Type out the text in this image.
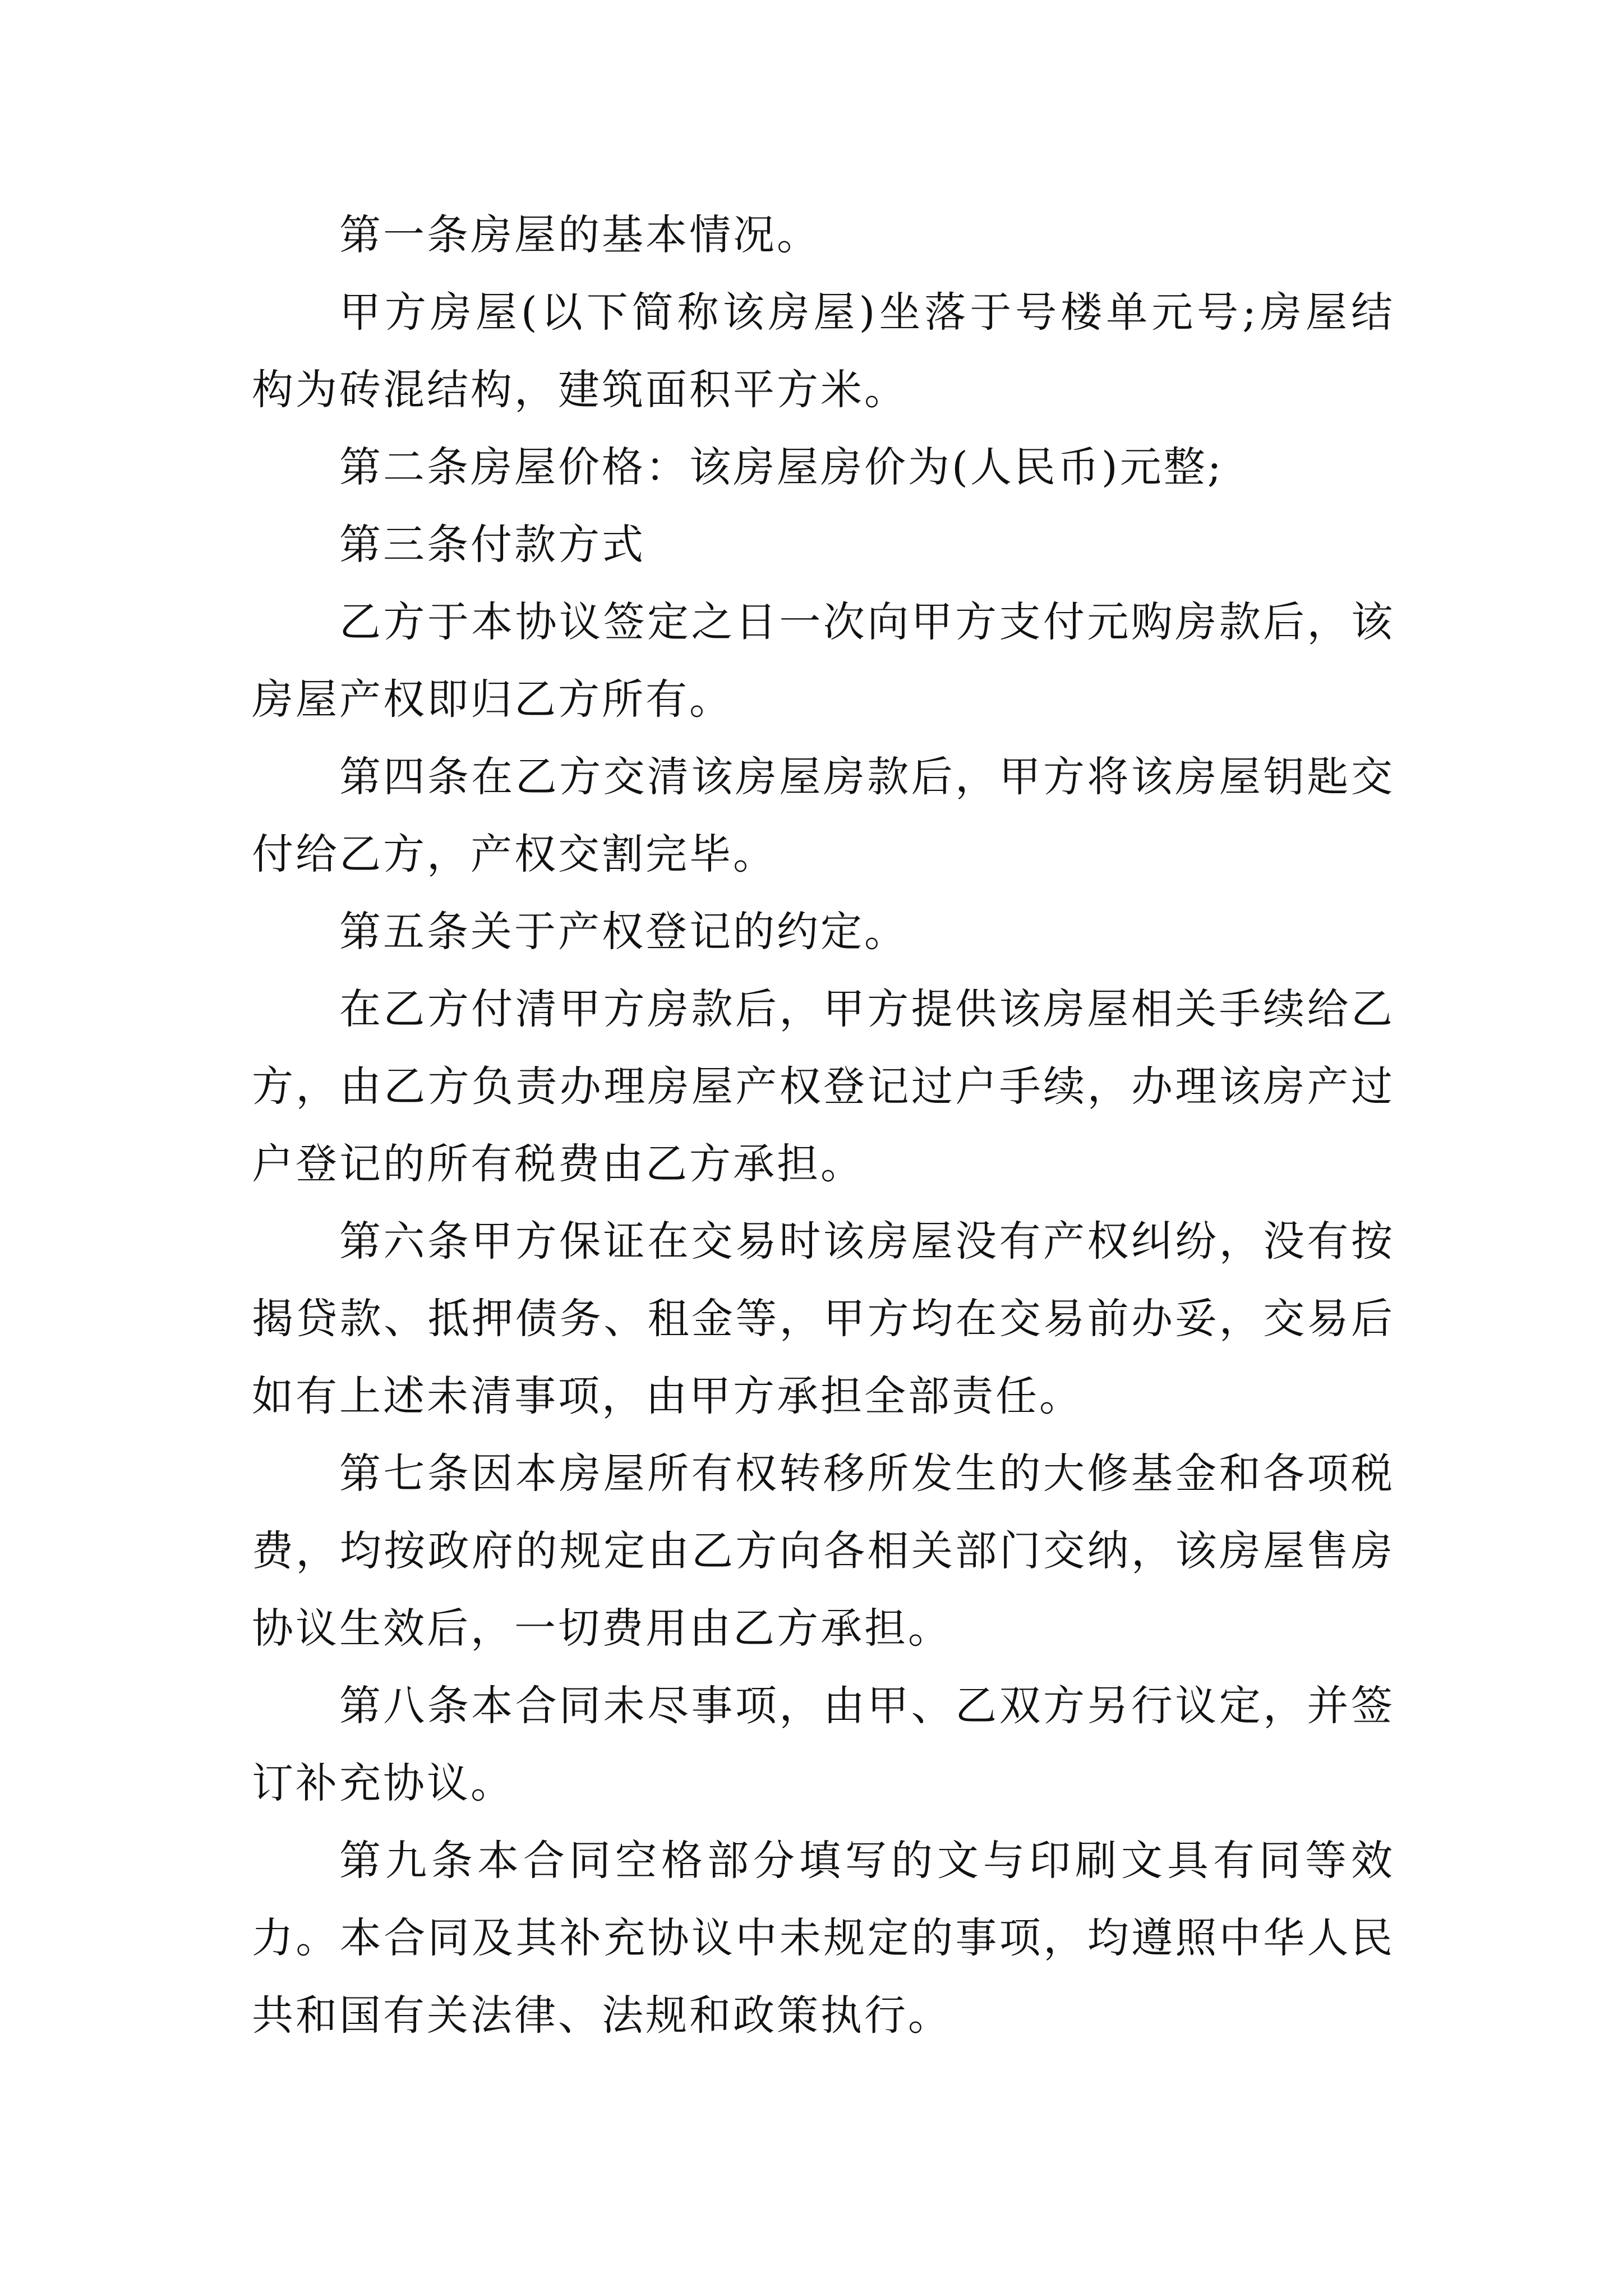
第一条房屋的基本情况。

甲方房屋(以下简称该房屋)坐落于号楼单元号;房屋结构为砖混结构，建筑面积平方米。

第二条房屋价格：该房屋房价为(人民币)元整;

第三条付款方式

乙方于本协议签定之日一次向甲方支付元购房款后，该房屋产权即归乙方所有。

第四条在乙方交清该房屋房款后，甲方将该房屋钥匙交付给乙方，产权交割完毕。

第五条关于产权登记的约定。

在乙方付清甲方房款后，甲方提供该房屋相关手续给乙方，由乙方负责办理房屋产权登记过户手续，办理该房产过户登记的所有税费由乙方承担。

第六条甲方保证在交易时该房屋没有产权纠纷，没有按揭贷款、抵押债务、租金等，甲方均在交易前办妥，交易后如有上述未清事项，由甲方承担全部责任。

第七条因本房屋所有权转移所发生的大修基金和各项税费，均按政府的规定由乙方向各相关部门交纳，该房屋售房协议生效后，一切费用由乙方承担。

第八条本合同未尽事项，由甲、乙双方另行议定，并签订补充协议。

第九条本合同空格部分填写的文与印刷文具有同等效力。本合同及其补充协议中未规定的事项，均遵照中华人民共和国有关法律、法规和政策执行。
